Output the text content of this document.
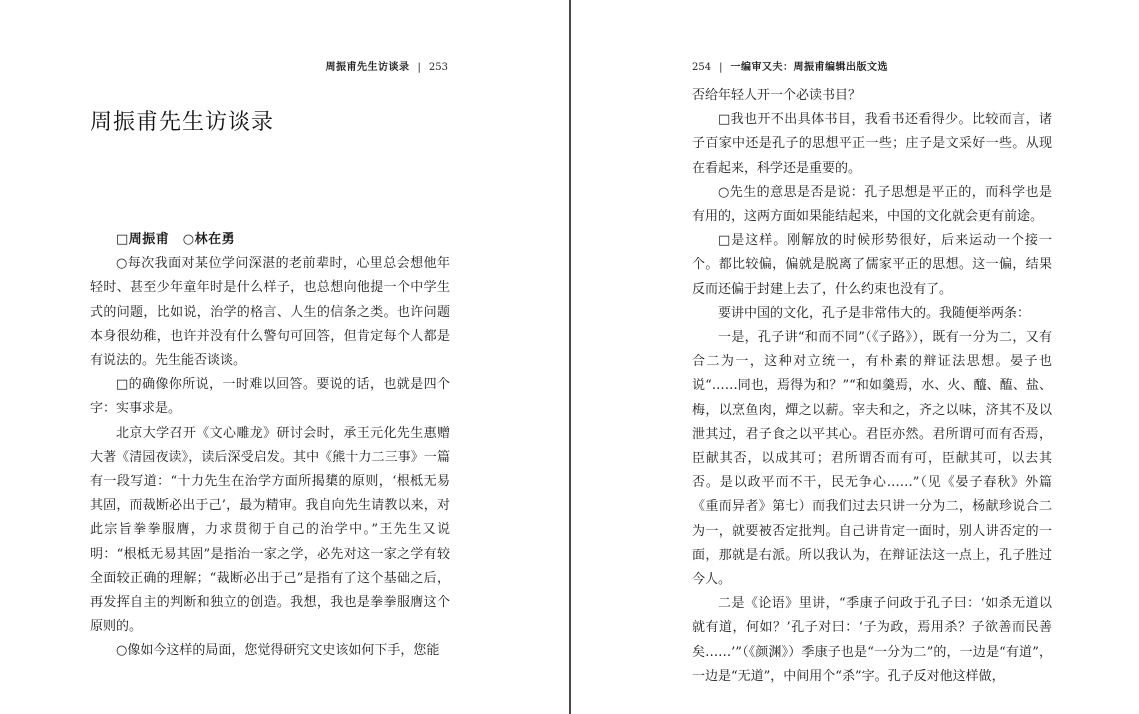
周振甫先生访谈录 | 253
周振甫先生访谈录

□周振甫　○林在勇

○每次我面对某位学问深湛的老前辈时，心里总会想他年轻时、甚至少年童年时是什么样子，也总想向他提一个中学生式的问题，比如说，治学的格言、人生的信条之类。也许问题本身很幼稚，也许并没有什么警句可回答，但肯定每个人都是有说法的。先生能否谈谈。

□的确像你所说，一时难以回答。要说的话，也就是四个字：实事求是。

北京大学召开《文心雕龙》研讨会时，承王元化先生惠赠大著《清园夜读》，读后深受启发。其中《熊十力二三事》一篇有一段写道：“十力先生在治学方面所揭橥的原则，‘根柢无易其固，而裁断必出于己’，最为精审。我自向先生请教以来，对此宗旨拳拳服膺，力求贯彻于自己的治学中。”王先生又说明：“根柢无易其固”是指治一家之学，必先对这一家之学有较全面较正确的理解；“裁断必出于己”是指有了这个基础之后，再发挥自主的判断和独立的创造。我想，我也是拳拳服膺这个原则的。

○像如今这样的局面，您觉得研究文史该如何下手，您能

254 | 一编审又夫：周振甫编辑出版文选

否给年轻人开一个必读书目？

□我也开不出具体书目，我看书还看得少。比较而言，诸子百家中还是孔子的思想平正一些；庄子是文采好一些。从现在看起来，科学还是重要的。

○先生的意思是否是说：孔子思想是平正的，而科学也是有用的，这两方面如果能结起来，中国的文化就会更有前途。

□是这样。刚解放的时候形势很好，后来运动一个接一个。都比较偏，偏就是脱离了儒家平正的思想。这一偏，结果反而还偏于封建上去了，什么约束也没有了。

要讲中国的文化，孔子是非常伟大的。我随便举两条：

一是，孔子讲“和而不同”（《子路》），既有一分为二，又有合二为一，这种对立统一，有朴素的辩证法思想。晏子也说“……同也，焉得为和？”“和如羹焉，水、火、醯、醢、盐、梅，以烹鱼肉，燀之以薪。宰夫和之，齐之以味，济其不及以泄其过，君子食之以平其心。君臣亦然。君所谓可而有否焉，臣献其否，以成其可；君所谓否而有可，臣献其可，以去其否。是以政平而不干，民无争心……”（见《晏子春秋》外篇《重而异者》第七）而我们过去只讲一分为二，杨献珍说合二为一，就要被否定批判。自己讲肯定一面时，别人讲否定的一面，那就是右派。所以我认为，在辩证法这一点上，孔子胜过今人。

二是《论语》里讲，“季康子问政于孔子曰：‘如杀无道以就有道，何如？’孔子对曰：‘子为政，焉用杀？子欲善而民善矣……’”（《颜渊》）季康子也是“一分为二”的，一边是“有道”，一边是“无道”，中间用个“杀”字。孔子反对他这样做，
